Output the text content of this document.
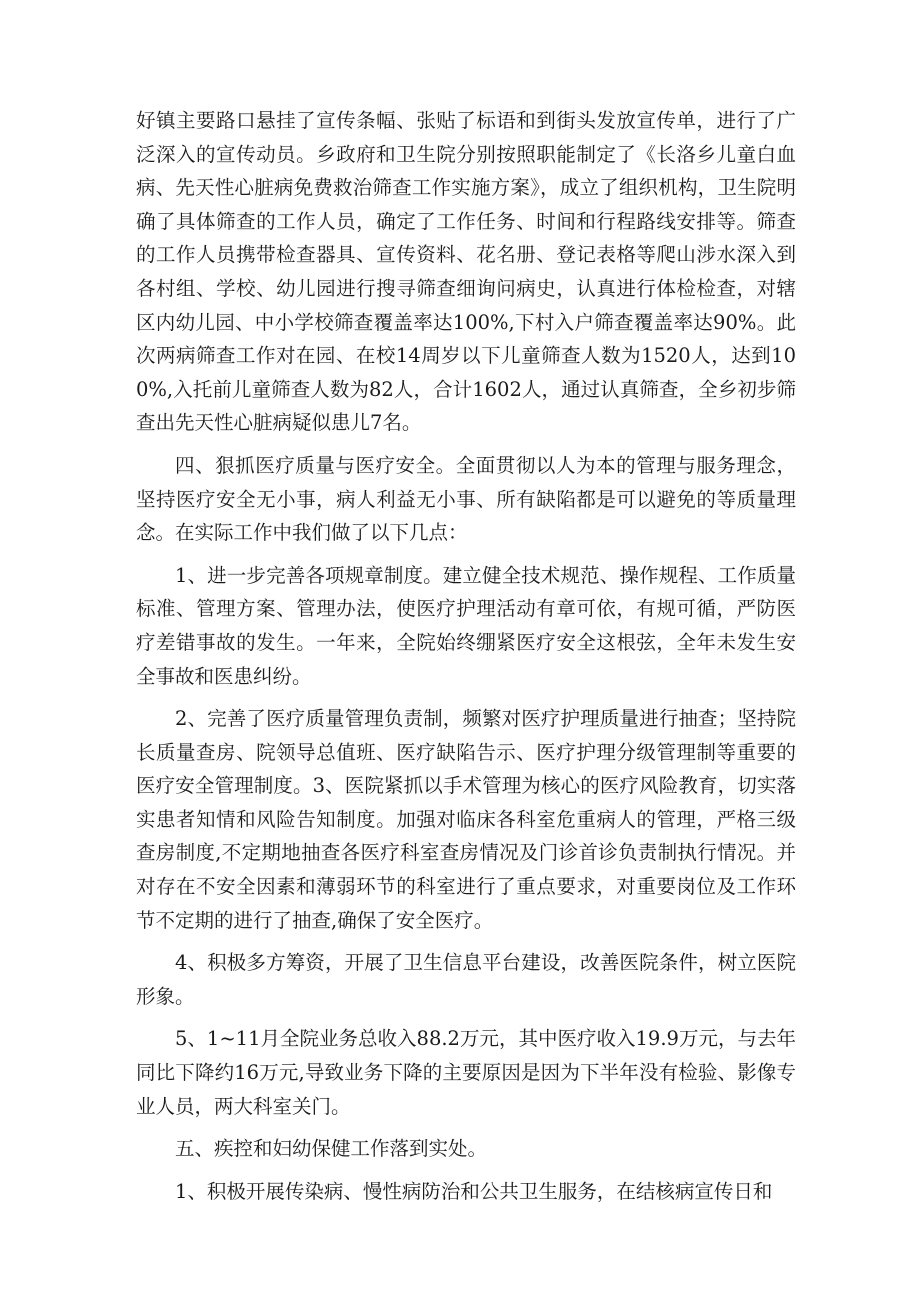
好镇主要路口悬挂了宣传条幅、张贴了标语和到街头发放宣传单，进行了广泛深入的宣传动员。乡政府和卫生院分别按照职能制定了《长洛乡儿童白血病、先天性心脏病免费救治筛查工作实施方案》，成立了组织机构，卫生院明确了具体筛查的工作人员，确定了工作任务、时间和行程路线安排等。筛查的工作人员携带检查器具、宣传资料、花名册、登记表格等爬山涉水深入到各村组、学校、幼儿园进行搜寻筛查细询问病史，认真进行体检检查，对辖区内幼儿园、中小学校筛查覆盖率达100%,下村入户筛查覆盖率达90%。此次两病筛查工作对在园、在校14周岁以下儿童筛查人数为1520人，达到100%,入托前儿童筛查人数为82人，合计1602人，通过认真筛查，全乡初步筛查出先天性心脏病疑似患儿7名。

四、狠抓医疗质量与医疗安全。全面贯彻以人为本的管理与服务理念，坚持医疗安全无小事，病人利益无小事、所有缺陷都是可以避免的等质量理念。在实际工作中我们做了以下几点：

1、进一步完善各项规章制度。建立健全技术规范、操作规程、工作质量标准、管理方案、管理办法，使医疗护理活动有章可依，有规可循，严防医疗差错事故的发生。一年来，全院始终绷紧医疗安全这根弦，全年未发生安全事故和医患纠纷。

2、完善了医疗质量管理负责制，频繁对医疗护理质量进行抽查；坚持院长质量查房、院领导总值班、医疗缺陷告示、医疗护理分级管理制等重要的医疗安全管理制度。3、医院紧抓以手术管理为核心的医疗风险教育，切实落实患者知情和风险告知制度。加强对临床各科室危重病人的管理，严格三级查房制度,不定期地抽查各医疗科室查房情况及门诊首诊负责制执行情况。并对存在不安全因素和薄弱环节的科室进行了重点要求，对重要岗位及工作环节不定期的进行了抽查,确保了安全医疗。

4、积极多方筹资，开展了卫生信息平台建设，改善医院条件，树立医院形象。

5、1~11月全院业务总收入88.2万元，其中医疗收入19.9万元，与去年同比下降约16万元,导致业务下降的主要原因是因为下半年没有检验、影像专业人员，两大科室关门。

五、疾控和妇幼保健工作落到实处。

1、积极开展传染病、慢性病防治和公共卫生服务，在结核病宣传日和
